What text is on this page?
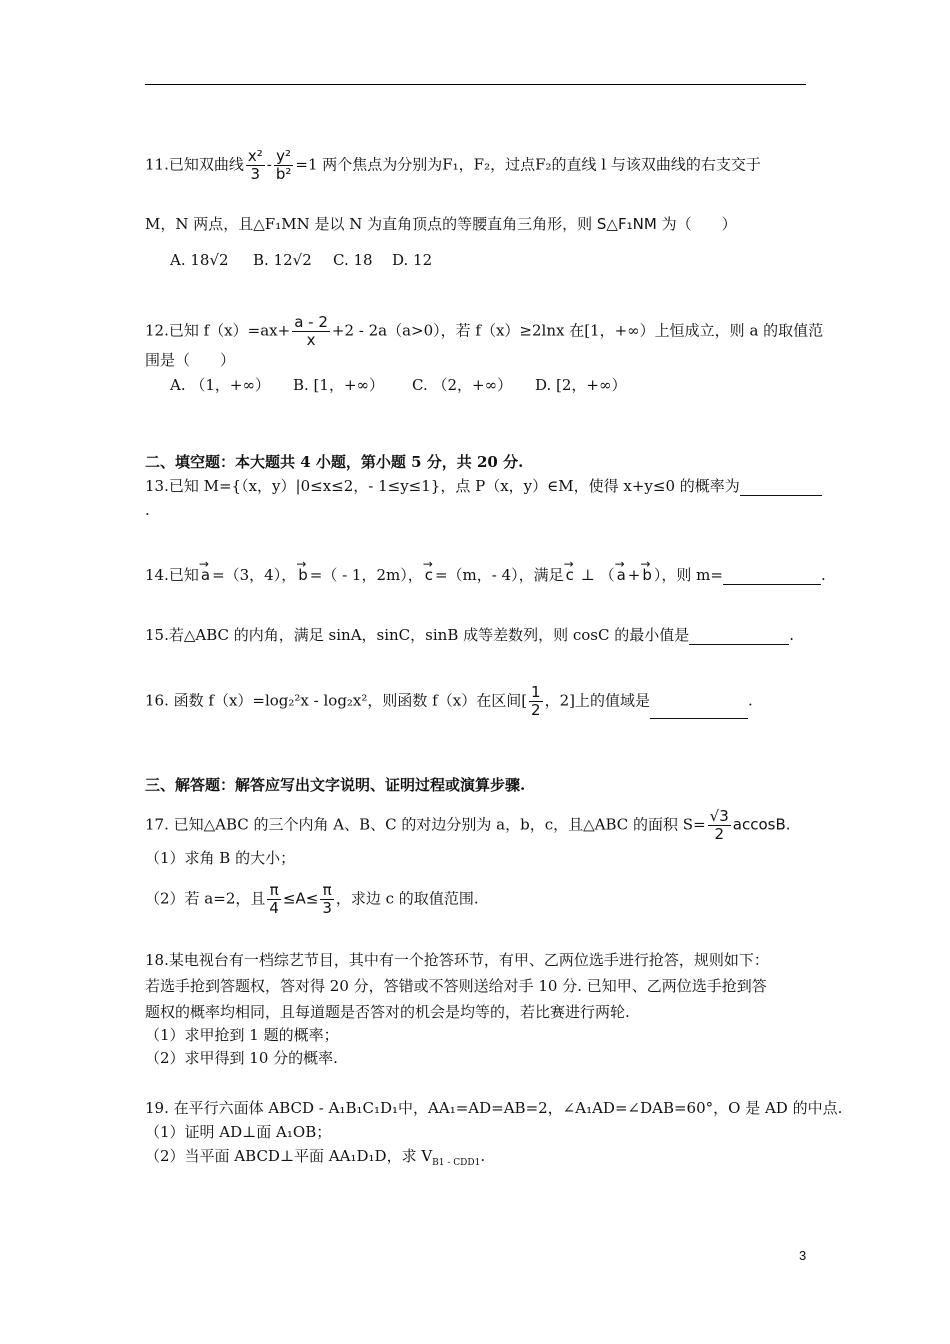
11.已知双曲线 $\frac{\text{x²}}{3} - \frac{\text{y²}}{\text{b²}} =1$ 两个焦点为分别为F₁，F₂，过点F₂的直线 l 与该双曲线的右支交于
M，N 两点，且△F₁MN 是以 N 为直角顶点的等腰直角三角形，则 S△F₁NM 为（　　）
A. 18√2 B. 12√2 C. 18 D. 12
12.已知 $f(x)=ax+ \frac{a - 2}{x} +2 - 2a(a>0)$，若 f（x）≥2lnx 在[1，+∞）上恒成立，则 a 的取值范
围是（　　）
A. （1，+∞） B. [1，+∞） C. （2，+∞） D. [2，+∞）
二、填空题：本大题共 4 小题，第小题 5 分，共 20 分.
13.已知 M={（x，y）|0≤x≤2，- 1≤y≤1}，点 P（x，y）∈M，使得 x+y≤0 的概率为
.
14.已知 → a =（3，4）， → b =（ - 1，2m）， → c =（m，- 4），满足 → c ⊥ （ → a + → b ），则 m=	.
15.若△ABC 的内角，满足 sinA，sinC，sinB 成等差数列，则 cosC 的最小值是	.
16. 函数 f（x）=log₂²x - log₂x²，则函数 f（x）在区间[ $\frac{1}{2}$ ，2]上的值域是	.
三、解答题：解答应写出文字说明、证明过程或演算步骤.
17. 已知△ABC 的三个内角 A、B、C 的对边分别为 a，b，c，且△ABC 的面积 $S= \frac{√3}{2} accosB$.
（1）求角 B 的大小；
（2）若 a=2，且 $\frac{\pi}{4} \le A\le \frac{\pi}{3}$ ，求边 c 的取值范围.
18.某电视台有一档综艺节目，其中有一个抢答环节，有甲、乙两位选手进行抢答，规则如下：
若选手抢到答题权，答对得 20 分，答错或不答则送给对手 10 分. 已知甲、乙两位选手抢到答
题权的概率均相同，且每道题是否答对的机会是均等的，若比赛进行两轮.
（1）求甲抢到 1 题的概率；
（2）求甲得到 10 分的概率.
19. 在平行六面体 ABCD - A₁B₁C₁D₁中，AA₁=AD=AB=2，∠A₁AD=∠DAB=60°，O 是 AD 的中点.
（1）证明 AD⊥面 A₁OB；
（2）当平面 ABCD⊥平面 AA₁D₁D，求 $V_{B1 - CDD1}$.
3
